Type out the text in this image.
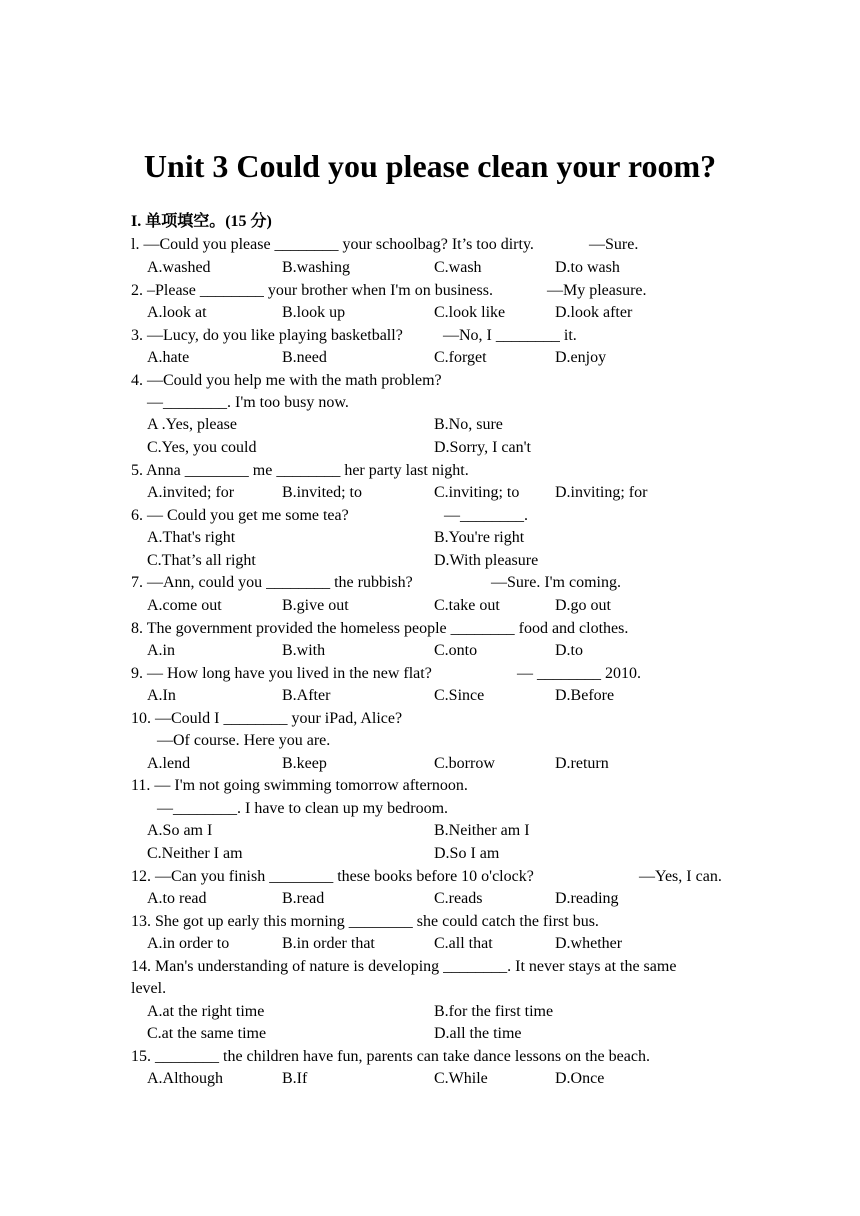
Unit 3 Could you please clean your room?
I. 单项填空。(15 分)
l. —Could you please ________ your schoolbag? It’s too dirty.	—Sure.
A.washed	B.washing	C.wash	D.to wash
2. –Please ________ your brother when I'm on business.	—My pleasure.
A.look at	B.look up	C.look like	D.look after
3. —Lucy, do you like playing basketball?	—No, I ________ it.
A.hate	B.need	C.forget	D.enjoy
4. —Could you help me with the math problem?
—________. I'm too busy now.
A .Yes, please	B.No, sure
C.Yes, you could	D.Sorry, I can't
5. Anna ________ me ________ her party last night.
A.invited; for	B.invited; to	C.inviting; to D.inviting; for
6. — Could you get me some tea?	—________.
A.That's right	B.You're right
C.That’s all right	D.With pleasure
7. —Ann, could you ________ the rubbish?	—Sure. I'm coming.
A.come out	B.give out	C.take out	D.go out
8. The government provided the homeless people ________ food and clothes.
A.in	B.with	C.onto	D.to
9. — How long have you lived in the new flat?	— ________ 2010.
A.In	B.After	C.Since	D.Before
10. —Could I ________ your iPad, Alice?
—Of course. Here you are.
A.lend	B.keep	C.borrow	D.return
11. — I'm not going swimming tomorrow afternoon.
—________. I have to clean up my bedroom.
A.So am I	B.Neither am I
C.Neither I am	D.So I am
12. —Can you finish ________ these books before 10 o'clock?	—Yes, I can.
A.to read	B.read	C.reads	D.reading
13. She got up early this morning ________ she could catch the first bus.
A.in order to	B.in order that	C.all that	D.whether
14. Man's understanding of nature is developing ________. It never stays at the same
level.
A.at the right time	B.for the first time
C.at the same time	D.all the time
15. ________ the children have fun, parents can take dance lessons on the beach.
A.Although	B.If	C.While	D.Once
